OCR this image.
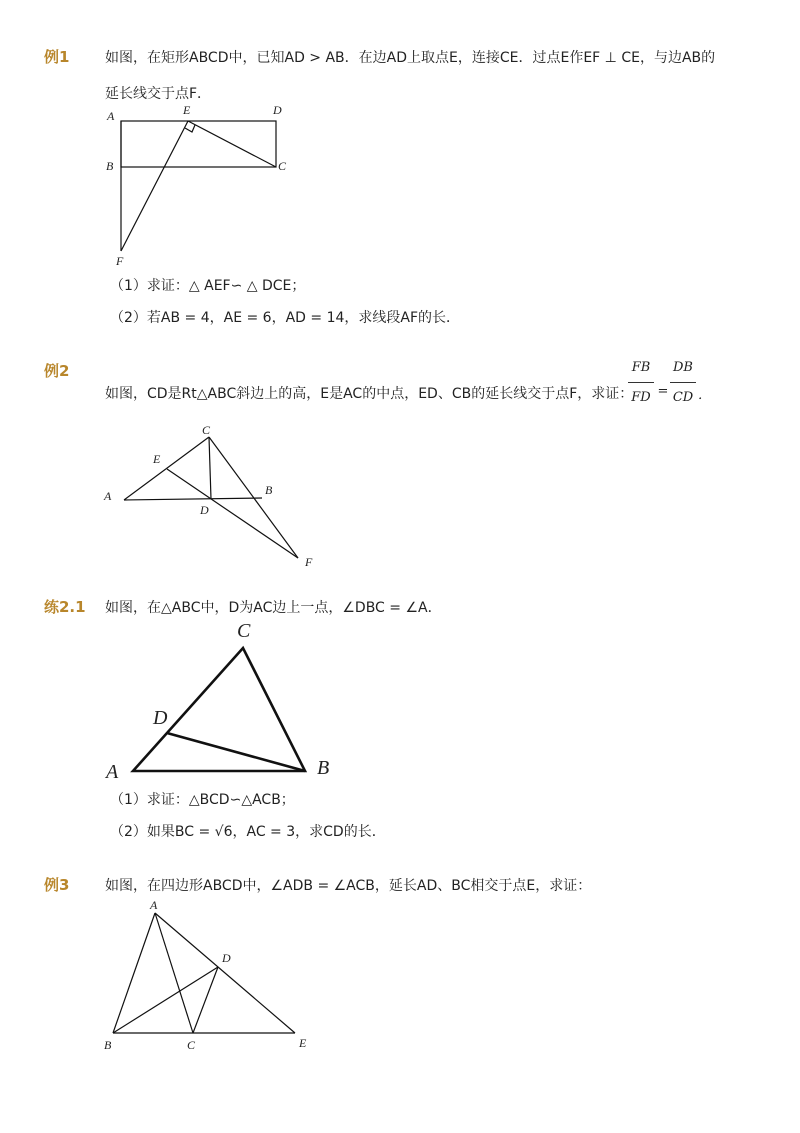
例1	如图，在矩形ABCD中，已知AD > AB．在边AD上取点E，连接CE．过点E作EF ⊥ CE，与边AB的
延长线交于点F．
A	E	D
B	C
F
C
E
B
A
D
F
C
D
A	B
A
D
B	C	E
（1）求证：△ AEF∽ △ DCE；
（2）若AB = 4，AE = 6，AD = 14，求线段AF的长．
例2
如图，CD是Rt△ABC斜边上的高，E是AC的中点，ED、CB的延长线交于点F，求证：
FB
FD =
DB
CD ．
练2.1 如图，在△ABC中，D为AC边上一点，∠DBC = ∠A．
（1）求证：△BCD∽△ACB；
（2）如果BC = √6，AC = 3，求CD的长．
例3	如图，在四边形ABCD中，∠ADB = ∠ACB，延长AD、BC相交于点E，求证：
